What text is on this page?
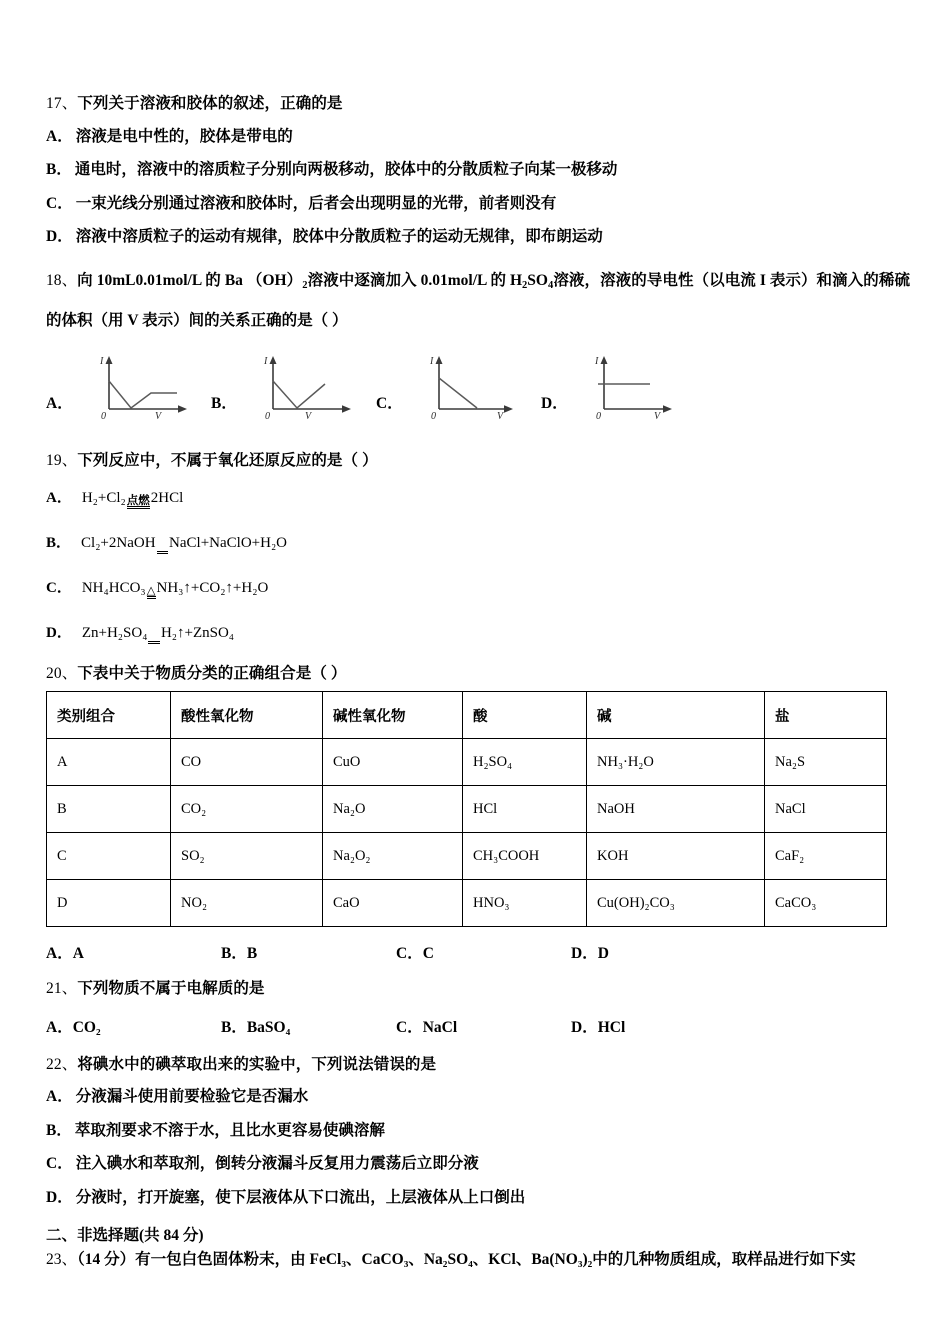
17、下列关于溶液和胶体的叙述，正确的是

A． 溶液是电中性的，胶体是带电的

B． 通电时，溶液中的溶质粒子分别向两极移动，胶体中的分散质粒子向某一极移动

C． 一束光线分别通过溶液和胶体时，后者会出现明显的光带，前者则没有

D． 溶液中溶质粒子的运动有规律，胶体中分散质粒子的运动无规律，即布朗运动

18、向 10mL0.01mol/L 的 Ba $(OH)_2$溶液中逐滴加入 0.01mol/L 的 $H_2SO_4$溶液，溶液的导电性（以电流 I 表示）和滴入的稀硫的体积（用 V 表示）间的关系正确的是（ ）

A．
I
0	V
B．
I
0	V
C．
I
0	V
D．
I
0	V

19、下列反应中，不属于氧化还原反应的是（ ）

A． H₂+Cl₂ 点燃 2HCl

B． Cl₂+2NaOH
NaCl+NaClO+H₂O

C． NH₄HCO₃ △ NH₃↑+CO₂↑+H₂O

D． Zn+H₂SO₄
H₂↑+ZnSO₄

20、下表中关于物质分类的正确组合是（ ）

类别组合	酸性氧化物	碱性氧化物	酸	碱	盐
A	CO	CuO	H₂SO₄	NH₃·H₂O	Na₂S
B	CO₂	Na₂O	HCl	NaOH	NaCl
C	SO₂	Na₂O₂	CH₃COOH	KOH	CaF₂
D	NO₂	CaO	HNO₃	Cu(OH)₂CO₃	CaCO₃
A．A	B．B	C．C	D．D

21、下列物质不属于电解质的是

A．CO₂	B．BaSO₄	C．NaCl	D．HCl

22、将碘水中的碘萃取出来的实验中，下列说法错误的是

A． 分液漏斗使用前要检验它是否漏水

B． 萃取剂要求不溶于水，且比水更容易使碘溶解

C． 注入碘水和萃取剂，倒转分液漏斗反复用力震荡后立即分液

D． 分液时，打开旋塞，使下层液体从下口流出，上层液体从上口倒出

二、非选择题(共 84 分)

23、（14 分）有一包白色固体粉末，由 FeCl₃、CaCO₃、Na₂SO₄、KCl、Ba(NO₃)₂中的几种物质组成，取样品进行如下实
